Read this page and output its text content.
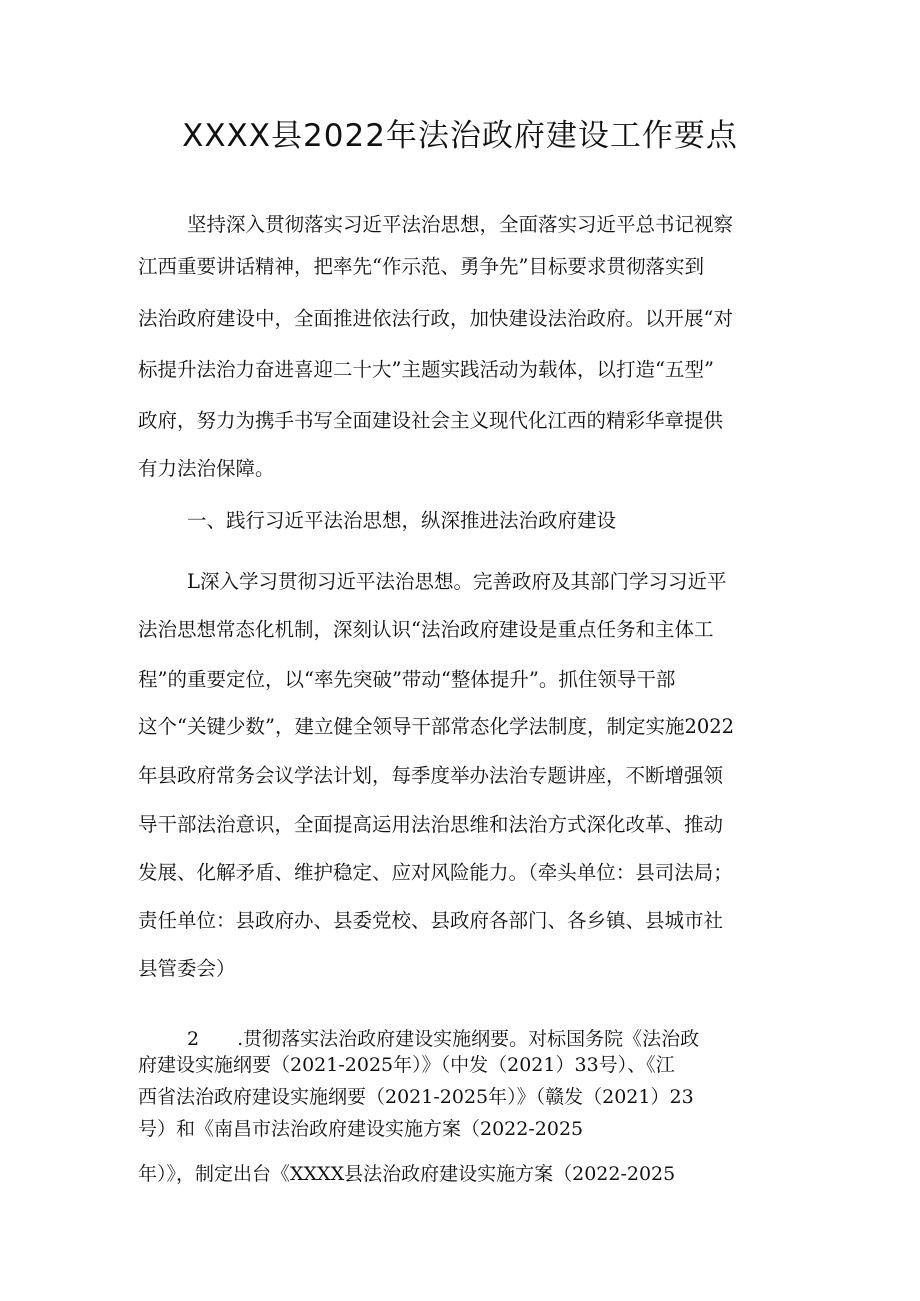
XXXX县2022年法治政府建设工作要点
坚持深入贯彻落实习近平法治思想，全面落实习近平总书记视察
江西重要讲话精神，把率先“作示范、勇争先”目标要求贯彻落实到
法治政府建设中，全面推进依法行政，加快建设法治政府。以开展“对
标提升法治力奋进喜迎二十大”主题实践活动为载体，以打造“五型”
政府，努力为携手书写全面建设社会主义现代化江西的精彩华章提供
有力法治保障。
一、践行习近平法治思想，纵深推进法治政府建设
L深入学习贯彻习近平法治思想。完善政府及其部门学习习近平
法治思想常态化机制，深刻认识“法治政府建设是重点任务和主体工
程”的重要定位，以“率先突破”带动“整体提升”。抓住领导干部
这个“关键少数”，建立健全领导干部常态化学法制度，制定实施2022
年县政府常务会议学法计划，每季度举办法治专题讲座，不断增强领
导干部法治意识，全面提高运用法治思维和法治方式深化改革、推动
发展、化解矛盾、维护稳定、应对风险能力。（牵头单位：县司法局；
责任单位：县政府办、县委党校、县政府各部门、各乡镇、县城市社
县管委会）
2　　.贯彻落实法治政府建设实施纲要。对标国务院《法治政
府建设实施纲要（2021-2025年）》（中发（2021）33号）、《江
西省法治政府建设实施纲要（2021-2025年）》（赣发（2021）23
号）和《南昌市法治政府建设实施方案（2022-2025
年）》，制定出台《XXXX县法治政府建设实施方案（2022-2025
